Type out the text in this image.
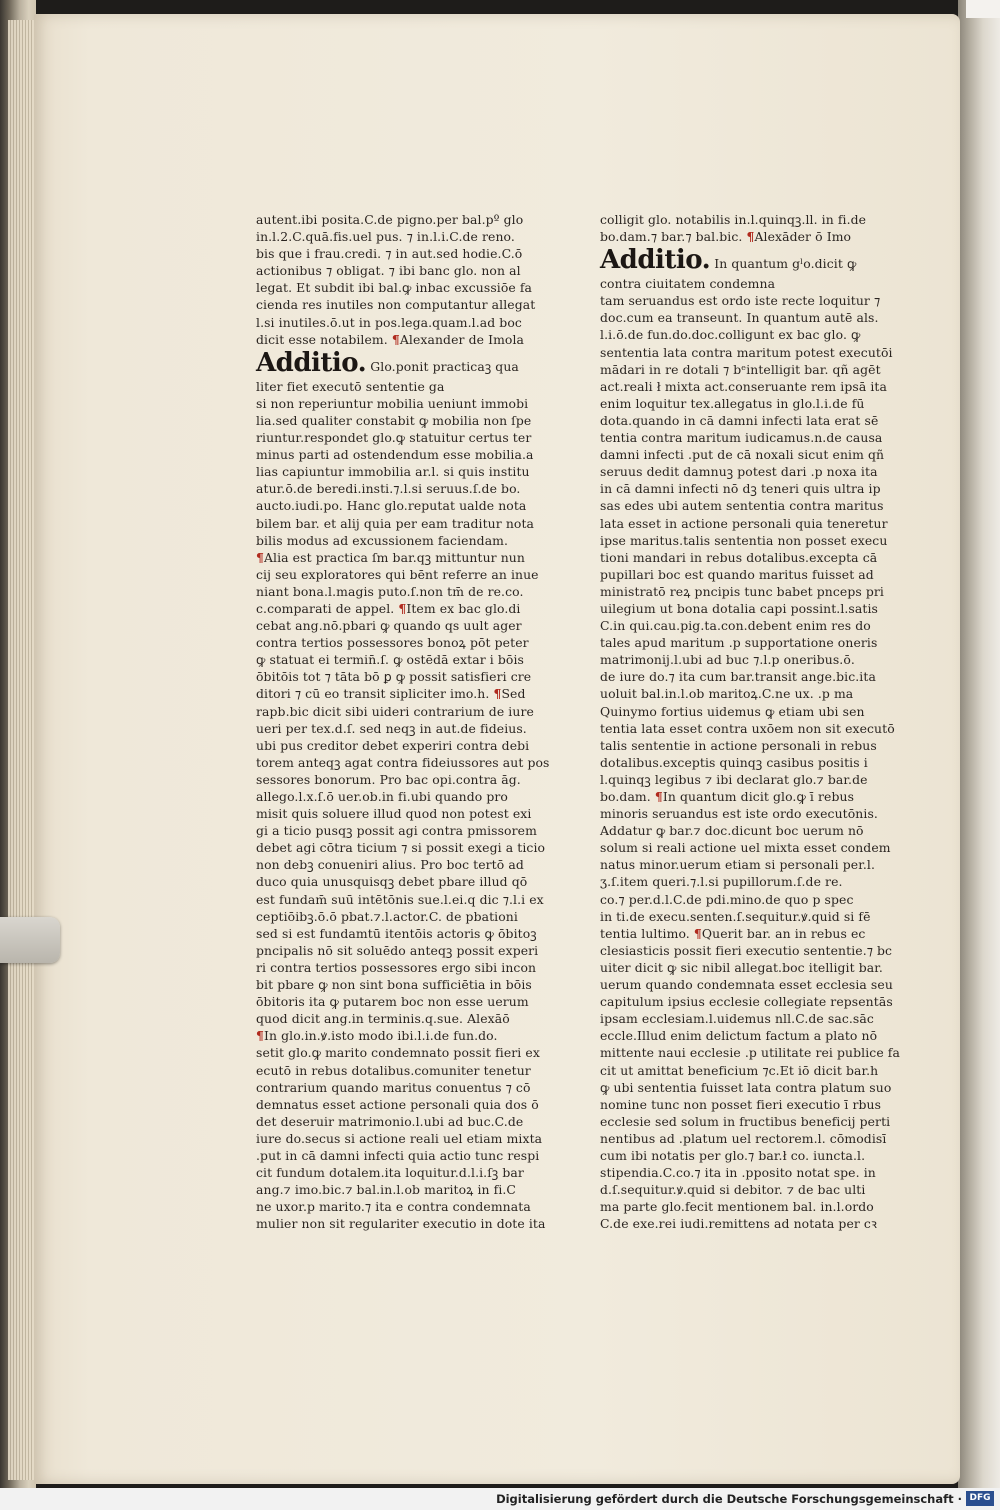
autent.ibi posita.C.de pigno.per bal.pº glo
in.l.2.C.quā.fis.uel pus. ⁊ in.l.i.C.de reno.
bis que i frau.credi. ⁊ in aut.sed hodie.C.ō
actionibus ⁊ obligat. ⁊ ibi banc glo. non al
legat. Et subdit ibi bal.ꝙ inbac excussiōe fa
cienda res inutiles non computantur allegat
l.si inutiles.ō.ut in pos.lega.quam.l.ad boc
dicit esse notabilem. ¶Alexander de Imola
Additio. Glo.ponit practicaꝫ qua
liter fiet executō sententie ga
si non reperiuntur mobilia ueniunt immobi
lia.sed qualiter constabit ꝙ mobilia non ſpe
riuntur.respondet glo.ꝙ statuitur certus ter
minus parti ad ostendendum esse mobilia.a
lias capiuntur immobilia ar.l. si quis institu
atur.ō.de beredi.insti.⁊.l.si seruus.ſ.de bo.
aucto.iudi.po. Hanc glo.reputat ualde nota
bilem bar. et alij quia per eam traditur nota
bilis modus ad excussionem faciendam.
¶Alia est practica ſm bar.qꝫ mittuntur nun
cij seu exploratores qui bēnt referre an inue
niant bona.l.magis puto.ſ.non tm̄ de re.co.
c.comparati de appel. ¶Item ex bac glo.di
cebat ang.nō.pbari ꝙ quando qs uult ager
contra tertios possessores bonoꝝ pōt peter
ꝙ statuat ei termin̄.ſ. ꝙ ostēdā extar i bōis
ōbitōis tot ⁊ tāta bō ꝑ ꝙ possit satisfieri cre
ditori ⁊ cū eo transit sipliciter imo.h. ¶Sed
rapb.bic dicit sibi uideri contrarium de iure
ueri per tex.d.ſ. sed neqꝫ in aut.de fideius.
ubi pus creditor debet experiri contra debi
torem anteqꝫ agat contra fideiussores aut pos
sessores bonorum. Pro bac opi.contra āg.
allego.l.x.ſ.ō uer.ob.in fi.ubi quando pro
misit quis soluere illud quod non potest exi
gi a ticio pusqꝫ possit agi contra pmissorem
debet agi cōtra ticium ⁊ si possit exegi a ticio
non debꝫ conueniri alius. Pro boc tertō ad
duco quia unusquisqꝫ debet pbare illud qō
est fundam̄ suū intētōnis sue.l.ei.q dic ⁊.l.i ex
ceptiōibꝫ.ō.ō pbat.⁊.l.actor.C. de pbationi
sed si est fundamtū itentōis actoris ꝙ ōbitoꝫ
pncipalis nō sit soluēdo anteqꝫ possit experi
ri contra tertios possessores ergo sibi incon
bit pbare ꝙ non sint bona sufficiētia in bōis
ōbitoris ita ꝙ putarem boc non esse uerum
quod dicit ang.in terminis.q.sue. Alexāō
¶In glo.in.ꝟ.isto modo ibi.l.i.de fun.do.
setit glo.ꝙ marito condemnato possit fieri ex
ecutō in rebus dotalibus.comuniter tenetur
contrarium quando maritus conuentus ⁊ cō
demnatus esset actione personali quia dos ō
det deseruir matrimonio.l.ubi ad buc.C.de
iure do.secus si actione reali uel etiam mixta
.put in cā damni infecti quia actio tunc respi
cit fundum dotalem.ita loquitur.d.l.i.ſꝫ bar
ang.⁊ imo.bic.⁊ bal.in.l.ob maritoꝝ in fi.C
ne uxor.p marito.⁊ ita e contra condemnata
mulier non sit regulariter executio in dote ita
colligit glo. notabilis in.l.quinqꝫ.ll. in fi.de
bo.dam.⁊ bar.⁊ bal.bic. ¶Alexāder ō Imo
Additio. In quantum gˡo.dicit ꝙ
contra ciuitatem condemna
tam seruandus est ordo iste recte loquitur ⁊
doc.cum ea transeunt. In quantum autē als.
l.i.ō.de fun.do.doc.colligunt ex bac glo. ꝙ
sententia lata contra maritum potest executōi
mādari in re dotali ⁊ bᵉintelligit bar. qñ agēt
act.reali ł mixta act.conseruante rem ipsā ita
enim loquitur tex.allegatus in glo.l.i.de fū
dota.quando in cā damni infecti lata erat sē
tentia contra maritum iudicamus.n.de causa
damni infecti .put de cā noxali sicut enim qñ
seruus dedit damnuꝫ potest dari .p noxa ita
in cā damni infecti nō dꝫ teneri quis ultra ip
sas edes ubi autem sententia contra maritus
lata esset in actione personali quia teneretur
ipse maritus.talis sententia non posset execu
tioni mandari in rebus dotalibus.excepta cā
pupillari boc est quando maritus fuisset ad
ministratō reꝝ pncipis tunc babet pnceps pri
uilegium ut bona dotalia capi possint.l.satis
C.in qui.cau.pig.ta.con.debent enim res do
tales apud maritum .p supportatione oneris
matrimonij.l.ubi ad buc ⁊.l.p oneribus.ō.
de iure do.⁊ ita cum bar.transit ange.bic.ita
uoluit bal.in.l.ob maritoꝝ.C.ne ux. .p ma
Quinymo fortius uidemus ꝙ etiam ubi sen
tentia lata esset contra uxōem non sit executō
talis sententie in actione personali in rebus
dotalibus.exceptis quinqꝫ casibus positis i
l.quinqꝫ legibus ⁊ ibi declarat glo.⁊ bar.de
bo.dam. ¶In quantum dicit glo.ꝙ ī rebus
minoris seruandus est iste ordo executōnis.
Addatur ꝙ bar.⁊ doc.dicunt boc uerum nō
solum si reali actione uel mixta esset condem
natus minor.uerum etiam si personali per.l.
ʒ.ſ.item queri.⁊.l.si pupillorum.ſ.de re.
co.⁊ per.d.l.C.de pdi.mino.de quo p spec
in ti.de execu.senten.ſ.sequitur.ꝟ.quid si fē
tentia lultimo. ¶Querit bar. an in rebus ec
clesiasticis possit fieri executio sententie.⁊ bc
uiter dicit ꝙ sic nibil allegat.boc itelligit bar.
uerum quando condemnata esset ecclesia seu
capitulum ipsius ecclesie collegiate repsentās
ipsam ecclesiam.l.uidemus nll.C.de sac.sāc
eccle.Illud enim delictum factum a plato nō
mittente naui ecclesie .p utilitate rei publice fa
cit ut amittat beneficium ⁊c.Et iō dicit bar.h
ꝙ ubi sententia fuisset lata contra platum suo
nomine tunc non posset fieri executio ī rbus
ecclesie sed solum in fructibus beneficij perti
nentibus ad .platum uel rectorem.l. cōmodisī
cum ibi notatis per glo.⁊ bar.ł co. iuncta.l.
stipendia.C.co.⁊ ita in .pposito notat spe. in
d.ſ.sequitur.ꝟ.quid si debitor. ⁊ de bac ulti
ma parte glo.fecit mentionem bal. in.l.ordo
C.de exe.rei iudi.remittens ad notata per cꝛ
Digitalisierung gefördert durch die Deutsche Forschungsgemeinschaft · DFG
